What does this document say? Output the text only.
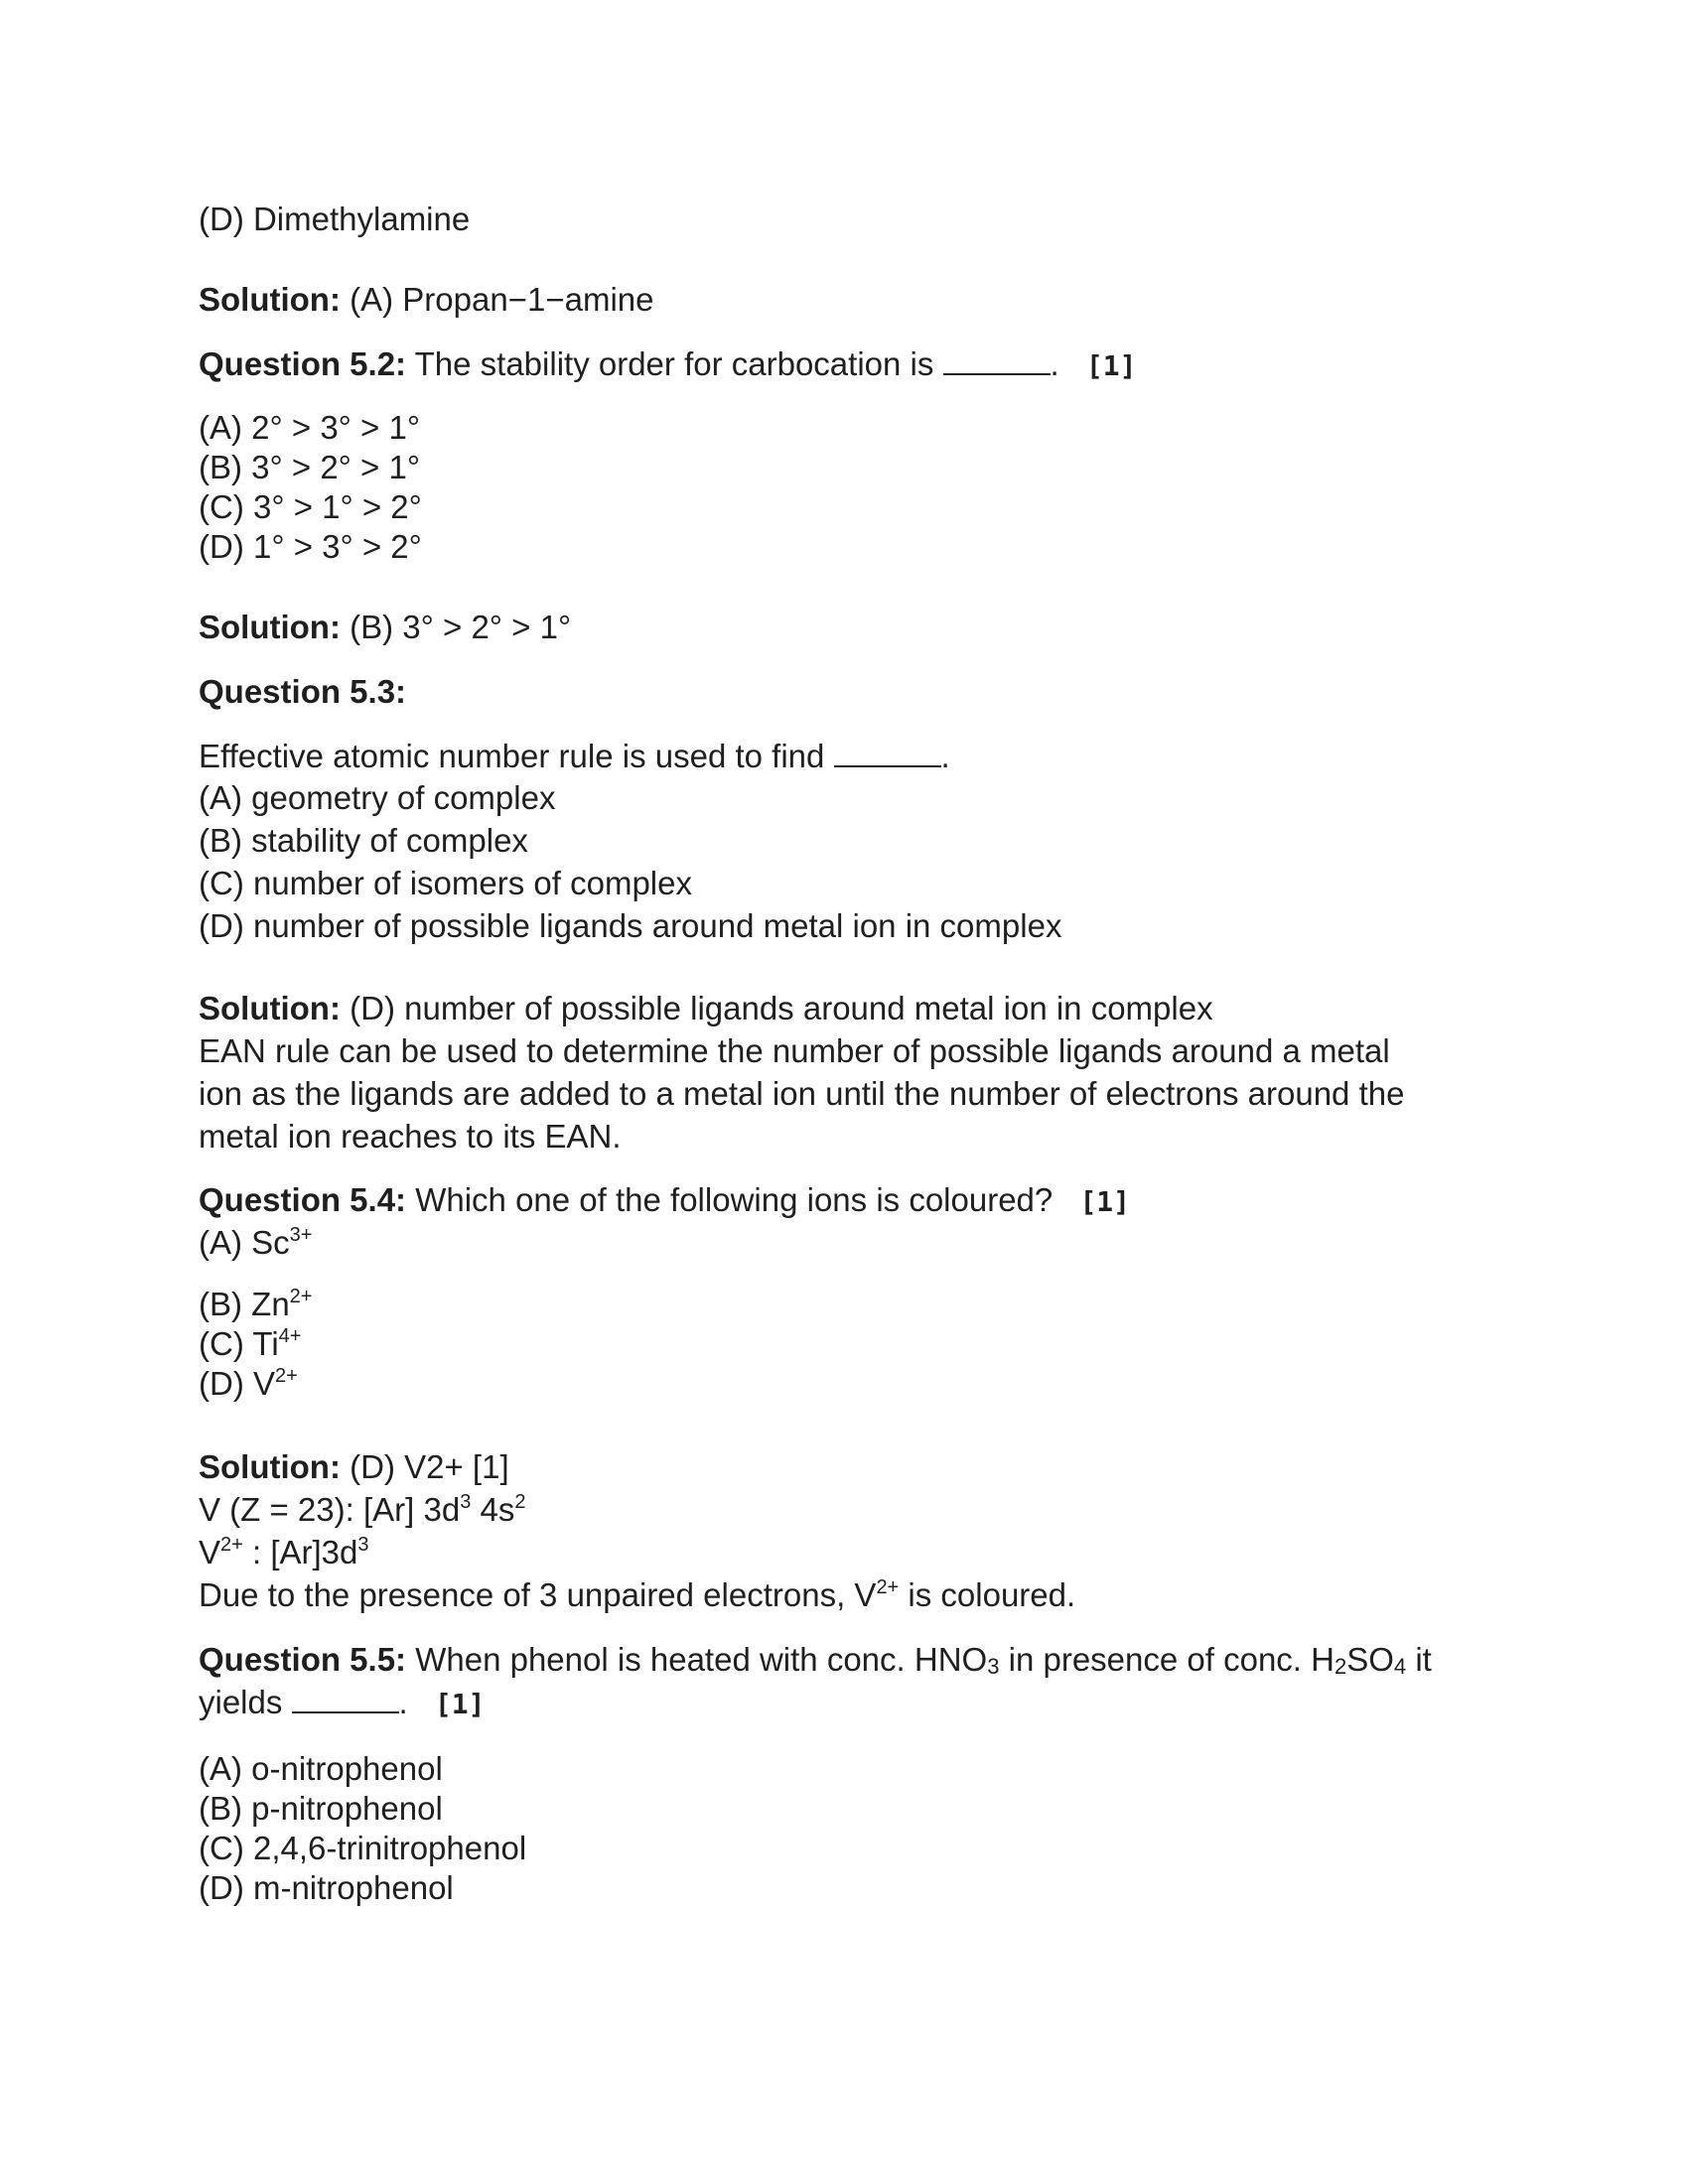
(D) Dimethylamine

Solution: (A) Propan−1−amine

Question 5.2: The stability order for carbocation is	. [1]

(A) 2° > 3° > 1°

(B) 3° > 2° > 1°

(C) 3° > 1° > 2°

(D) 1° > 3° > 2°

Solution: (B) 3° > 2° > 1°

Question 5.3:

Effective atomic number rule is used to find	.

(A) geometry of complex

(B) stability of complex

(C) number of isomers of complex

(D) number of possible ligands around metal ion in complex

Solution: (D) number of possible ligands around metal ion in complex

EAN rule can be used to determine the number of possible ligands around a metal

ion as the ligands are added to a metal ion until the number of electrons around the

metal ion reaches to its EAN.

Question 5.4: Which one of the following ions is coloured? [1]

(A) $Sc^{3+}$

(B) $Zn^{2+}$

(C) $Ti^{4+}$

(D) $V^{2+}$

Solution: (D) V2+ [1]

V (Z = 23): [Ar] $3d^3$ $4s^2$

$V^{2+}$ : $[Ar]3d^3$

Due to the presence of 3 unpaired electrons, $V^{2+}$ is coloured.

Question 5.5: When phenol is heated with conc. $HNO_3$ in presence of conc. $H_2SO_4$ it

yields	. [1]

(A) o-nitrophenol

(B) p-nitrophenol

(C) 2,4,6-trinitrophenol

(D) m-nitrophenol
